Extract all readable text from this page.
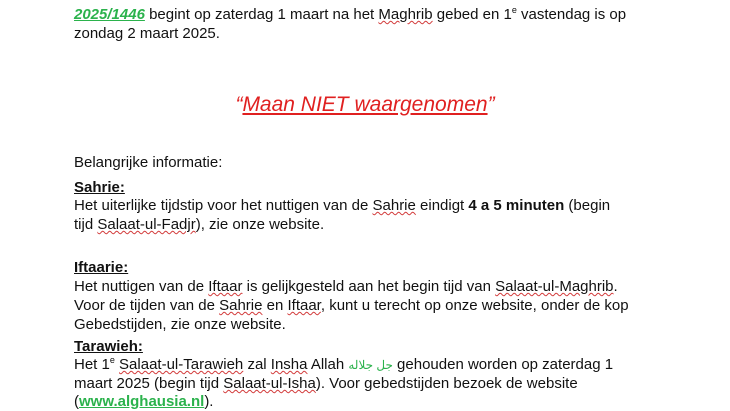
2025/1446 begint op zaterdag 1 maart na het Maghrib gebed en 1e vastendag is op

zondag 2 maart 2025.

Belangrijke informatie:

Sahrie:

Het uiterlijke tijdstip voor het nuttigen van de Sahrie eindigt 4 a 5 minuten (begin

tijd Salaat-ul-Fadjr), zie onze website.

Iftaarie:

Het nuttigen van de Iftaar is gelijkgesteld aan het begin tijd van Salaat-ul-Maghrib.

Voor de tijden van de Sahrie en Iftaar, kunt u terecht op onze website, onder de kop

Gebedstijden, zie onze website.

Tarawieh:

Het 1e Salaat-ul-Tarawieh zal Insha Allah جل جلاله gehouden worden op zaterdag 1

maart 2025 (begin tijd Salaat-ul-Isha). Voor gebedstijden bezoek de website

(www.alghausia.nl).

“Maan NIET waargenomen”
